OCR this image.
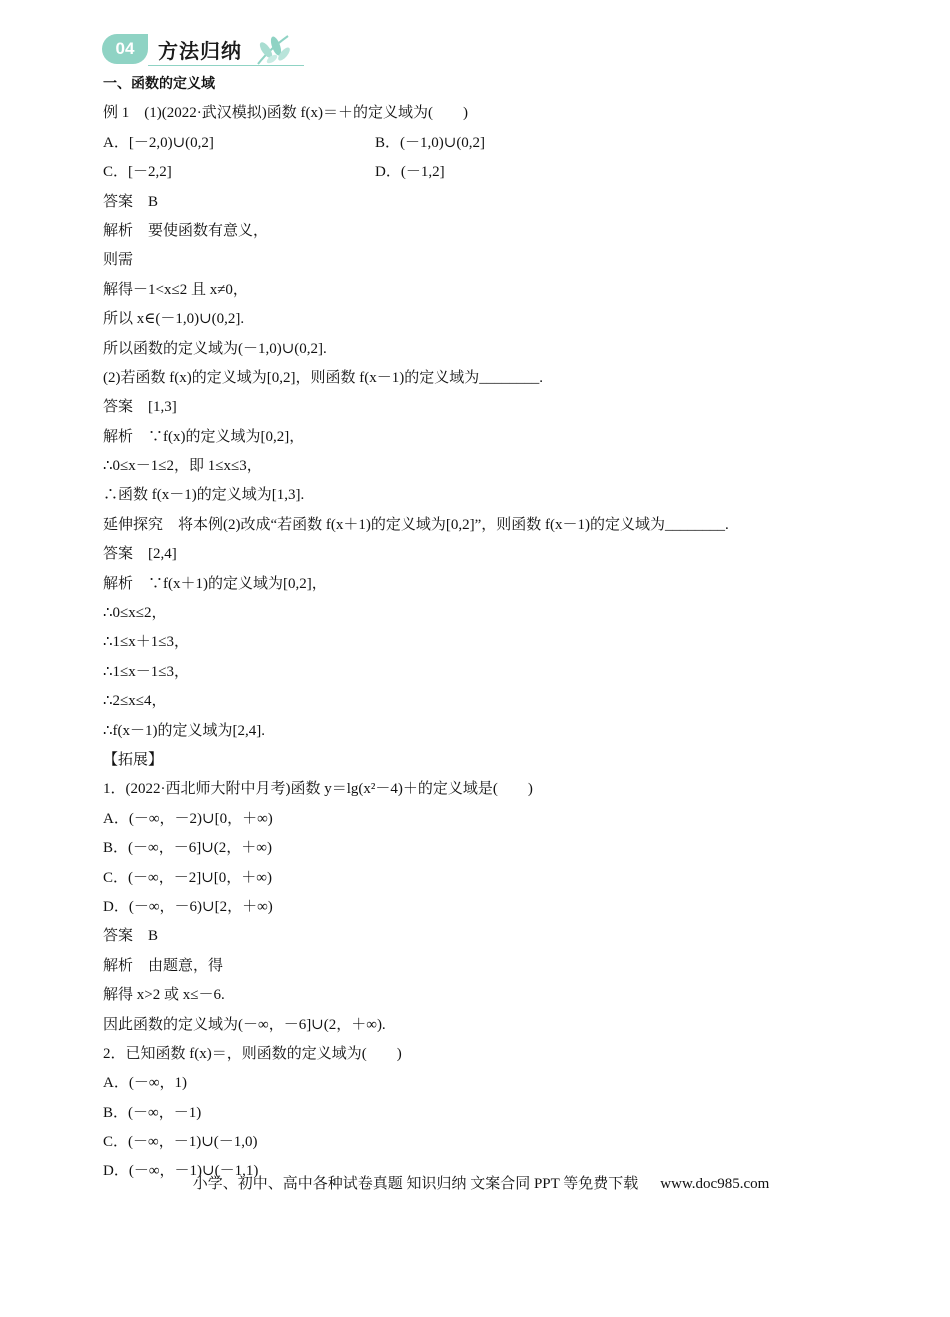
04	方法归纳
一、函数的定义域
例 1　(1)(2022·武汉模拟)函数 f(x)＝＋的定义域为(　　)
A．[－2,0)∪(0,2]	B．(－1,0)∪(0,2]
C．[－2,2]	D．(－1,2]
答案　B
解析　要使函数有意义，
则需
解得－1<x≤2 且 x≠0，
所以 x∈(－1,0)∪(0,2].
所以函数的定义域为(－1,0)∪(0,2].
(2)若函数 f(x)的定义域为[0,2]，则函数 f(x－1)的定义域为________.
答案　[1,3]
解析　∵f(x)的定义域为[0,2]，
∴0≤x－1≤2，即 1≤x≤3，
∴函数 f(x－1)的定义域为[1,3].
延伸探究　将本例(2)改成“若函数 f(x＋1)的定义域为[0,2]”，则函数 f(x－1)的定义域为________.
答案　[2,4]
解析　∵f(x＋1)的定义域为[0,2]，
∴0≤x≤2，
∴1≤x＋1≤3，
∴1≤x－1≤3，
∴2≤x≤4，
∴f(x－1)的定义域为[2,4].
【拓展】
1．(2022·西北师大附中月考)函数 y＝lg(x²－4)＋的定义域是(　　)
A．(－∞，－2)∪[0，＋∞)
B．(－∞，－6]∪(2，＋∞)
C．(－∞，－2]∪[0，＋∞)
D．(－∞，－6)∪[2，＋∞)
答案　B
解析　由题意，得
解得 x>2 或 x≤－6.
因此函数的定义域为(－∞，－6]∪(2，＋∞).
2．已知函数 f(x)＝，则函数的定义域为(　　)
A．(－∞，1)
B．(－∞，－1)
C．(－∞，－1)∪(－1,0)
D．(－∞，－1)∪(－1,1)
小学、初中、高中各种试卷真题 知识归纳 文案合同 PPT 等免费下载 www.doc985.com
